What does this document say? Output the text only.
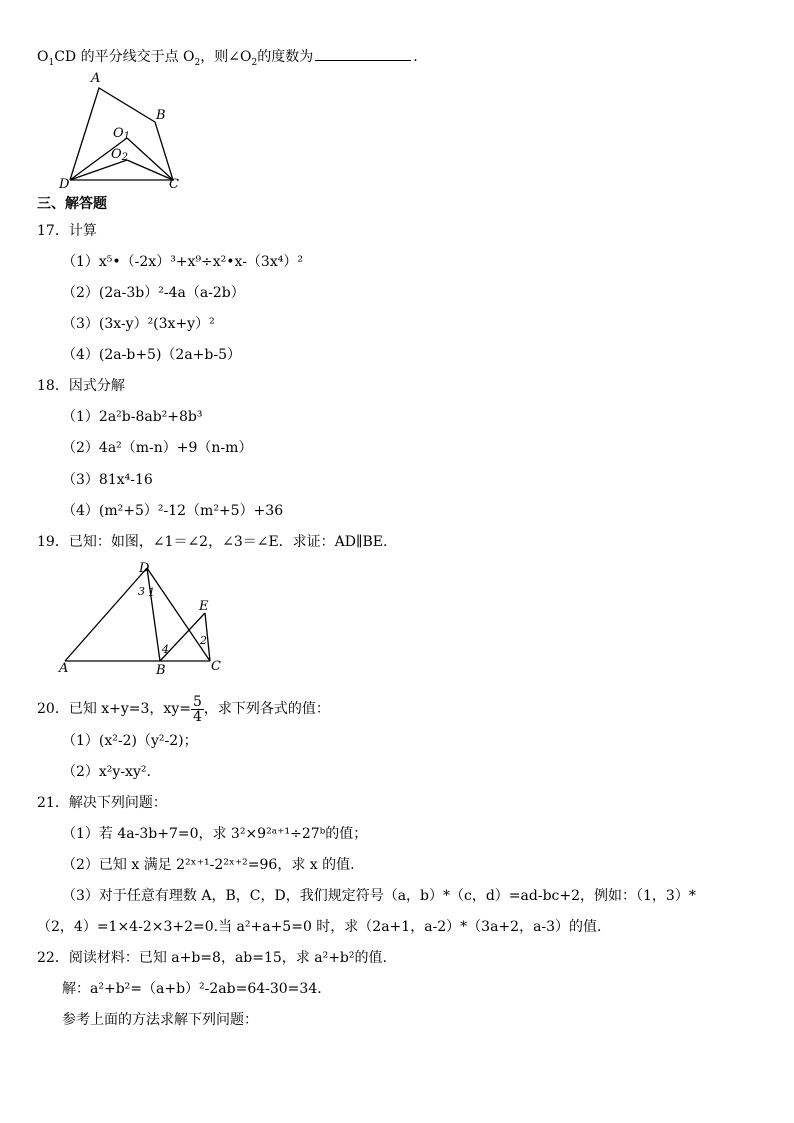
$O_1CD$ 的平分线交于点 $O_2$，则$\angle O_2$的度数为	.
A
B
O1
O2
D	C
三、解答题
17．计算
（1）x⁵•（-2x）³+x⁹÷x²•x-（3x⁴）²
（2）(2a-3b）²-4a（a-2b）
（3）(3x-y）²(3x+y）²
（4）(2a-b+5)（2a+b-5）
18．因式分解
（1）2a²b-8ab²+8b³
（2）4a²（m-n）+9（n-m）
（3）81x⁴-16
（4）(m²+5）²-12（m²+5）+36
19．已知：如图，∠1＝∠2，∠3＝∠E．求证：AD∥BE.
D
E
A	B	C
3 1
2
4
20．已知 x+y=3，$xy= \frac{5}{4}$ ，求下列各式的值：
（1）(x²-2)（y²-2)；
（2）x²y-xy².
21．解决下列问题：
（1）若 4a-3b+7=0，求 3²×9²ᵃ⁺¹÷27ᵇ的值；
（2）已知 x 满足 2²ˣ⁺¹-2²ˣ⁺²=96，求 x 的值.
（3）对于任意有理数 A，B，C，D，我们规定符号（a，b）*（c，d）=ad-bc+2，例如：（1，3）*
（2，4）=1×4-2×3+2=0.当 a²+a+5=0 时，求（2a+1，a-2）*（3a+2，a-3）的值.
22．阅读材料：已知 a+b=8，ab=15，求 a²+b²的值.
解：a²+b²=（a+b）²-2ab=64-30=34.
参考上面的方法求解下列问题：
